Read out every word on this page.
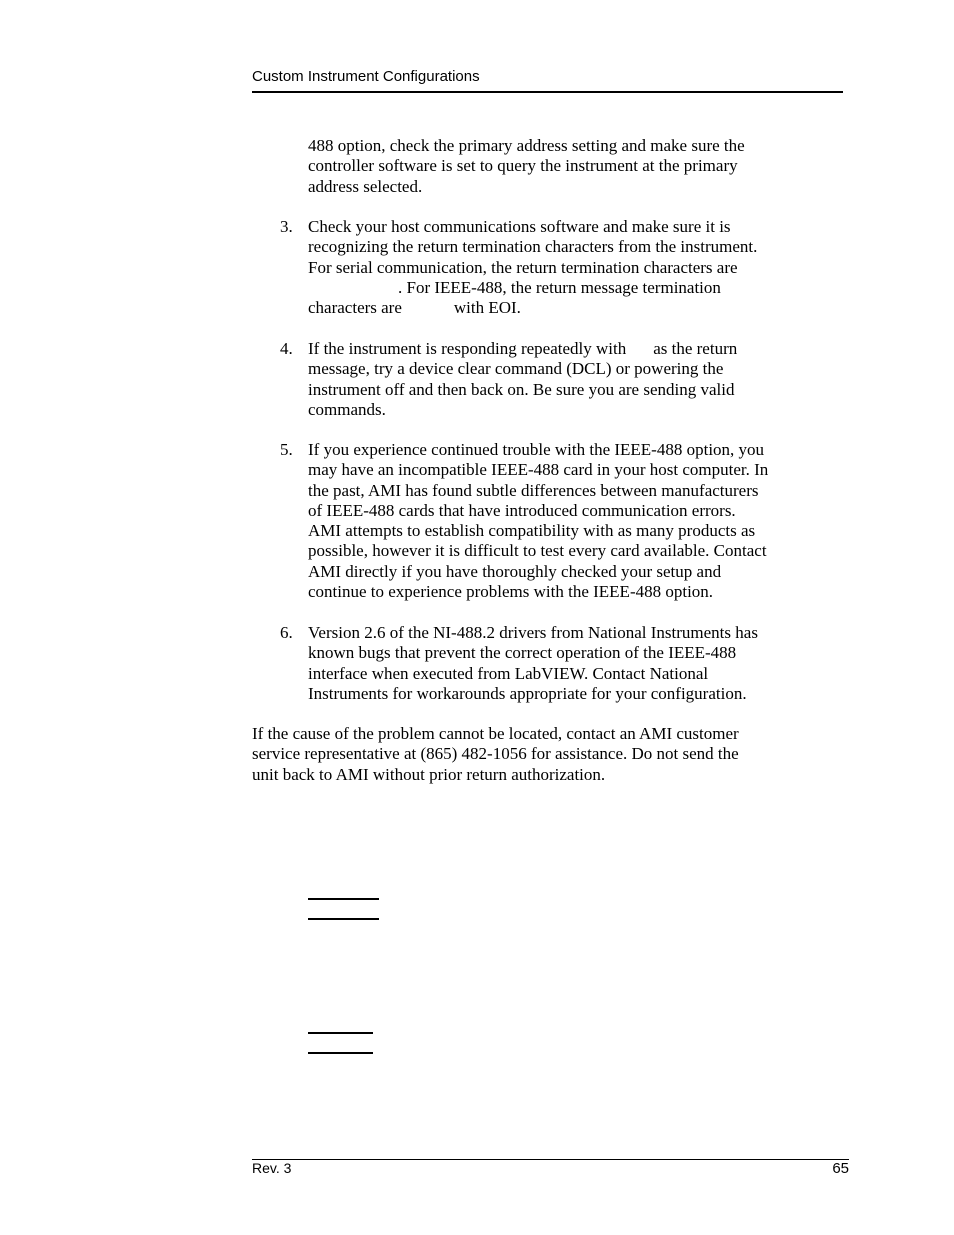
Custom Instrument Configurations
488 option, check the primary address setting and make sure the
controller software is set to query the instrument at the primary
address selected.
3. Check your host communications software and make sure it is
recognizing the return termination characters from the instrument.
For serial communication, the return termination characters are
. For IEEE-488, the return message termination
characters are	with EOI.
4. If the instrument is responding repeatedly with as the return
message, try a device clear command (DCL) or powering the
instrument off and then back on. Be sure you are sending valid
commands.
5. If you experience continued trouble with the IEEE-488 option, you
may have an incompatible IEEE-488 card in your host computer. In
the past, AMI has found subtle differences between manufacturers
of IEEE-488 cards that have introduced communication errors.
AMI attempts to establish compatibility with as many products as
possible, however it is difficult to test every card available. Contact
AMI directly if you have thoroughly checked your setup and
continue to experience problems with the IEEE-488 option.
6. Version 2.6 of the NI-488.2 drivers from National Instruments has
known bugs that prevent the correct operation of the IEEE-488
interface when executed from LabVIEW. Contact National
Instruments for workarounds appropriate for your configuration.
If the cause of the problem cannot be located, contact an AMI customer
service representative at (865) 482-1056 for assistance. Do not send the
unit back to AMI without prior return authorization.
Rev. 3	65
